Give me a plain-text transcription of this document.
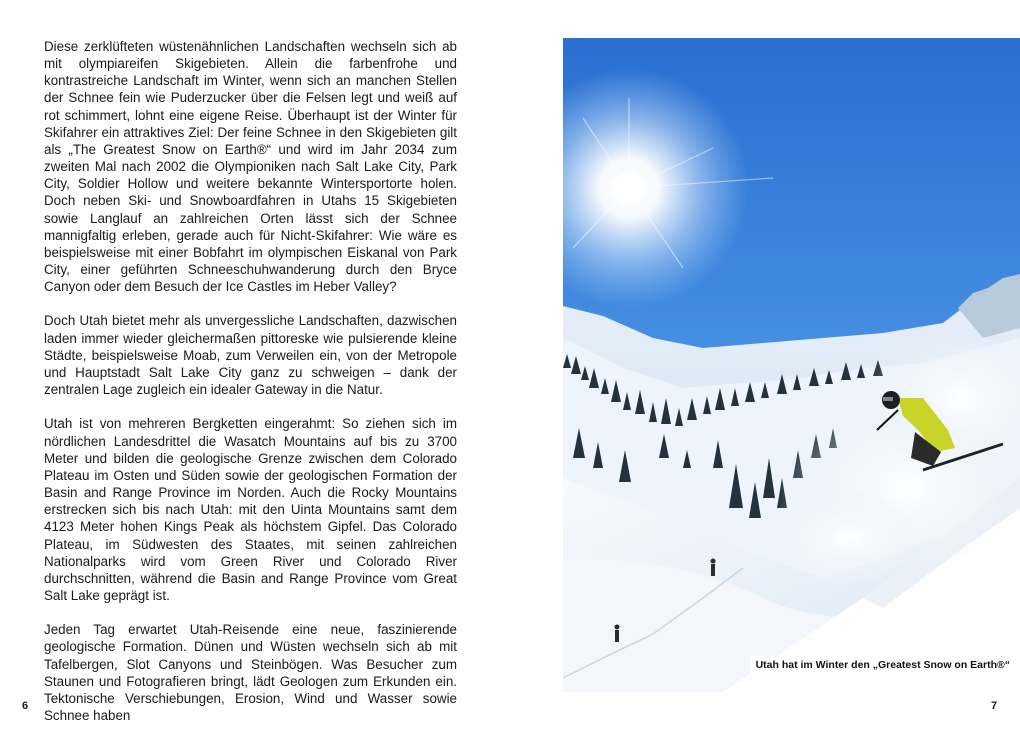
Diese zerklüfteten wüstenähnlichen Landschaften wechseln sich ab mit olympiareifen Skigebieten. Allein die farbenfrohe und kontrastreiche Landschaft im Winter, wenn sich an manchen Stellen der Schnee fein wie Puderzucker über die Felsen legt und weiß auf rot schimmert, lohnt eine eigene Reise. Überhaupt ist der Winter für Skifahrer ein attraktives Ziel: Der feine Schnee in den Skigebieten gilt als „The Greatest Snow on Earth®“ und wird im Jahr 2034 zum zweiten Mal nach 2002 die Olympioniken nach Salt Lake City, Park City, Soldier Hollow und weitere bekannte Wintersportorte holen. Doch neben Ski- und Snowboardfahren in Utahs 15 Skigebieten sowie Langlauf an zahlreichen Orten lässt sich der Schnee mannigfaltig erleben, gerade auch für Nicht-Skifahrer: Wie wäre es beispielsweise mit einer Bobfahrt im olympischen Eiskanal von Park City, einer geführten Schneeschuhwanderung durch den Bryce Canyon oder dem Besuch der Ice Castles im Heber Valley?

Doch Utah bietet mehr als unvergessliche Landschaften, dazwischen laden immer wieder gleichermaßen pittoreske wie pulsierende kleine Städte, beispielsweise Moab, zum Verweilen ein, von der Metropole und Hauptstadt Salt Lake City ganz zu schweigen – dank der zentralen Lage zugleich ein idealer Gateway in die Natur.

Utah ist von mehreren Bergketten eingerahmt: So ziehen sich im nördlichen Landesdrittel die Wasatch Mountains auf bis zu 3700 Meter und bilden die geologische Grenze zwischen dem Colorado Plateau im Osten und Süden sowie der geologischen Formation der Basin and Range Province im Norden. Auch die Rocky Mountains erstrecken sich bis nach Utah: mit den Uinta Mountains samt dem 4123 Meter hohen Kings Peak als höchstem Gipfel. Das Colorado Plateau, im Südwesten des Staates, mit seinen zahlreichen Nationalparks wird vom Green River und Colorado River durchschnitten, während die Basin and Range Province vom Great Salt Lake geprägt ist.

Jeden Tag erwartet Utah-Reisende eine neue, faszinierende geologische Formation. Dünen und Wüsten wechseln sich ab mit Tafelbergen, Slot Canyons und Steinbögen. Was Besucher zum Staunen und Fotografieren bringt, lädt Geologen zum Erkunden ein. Tektonische Verschiebungen, Erosion, Wind und Wasser sowie Schnee haben

6
Utah hat im Winter den „Greatest Snow on Earth®“
7
